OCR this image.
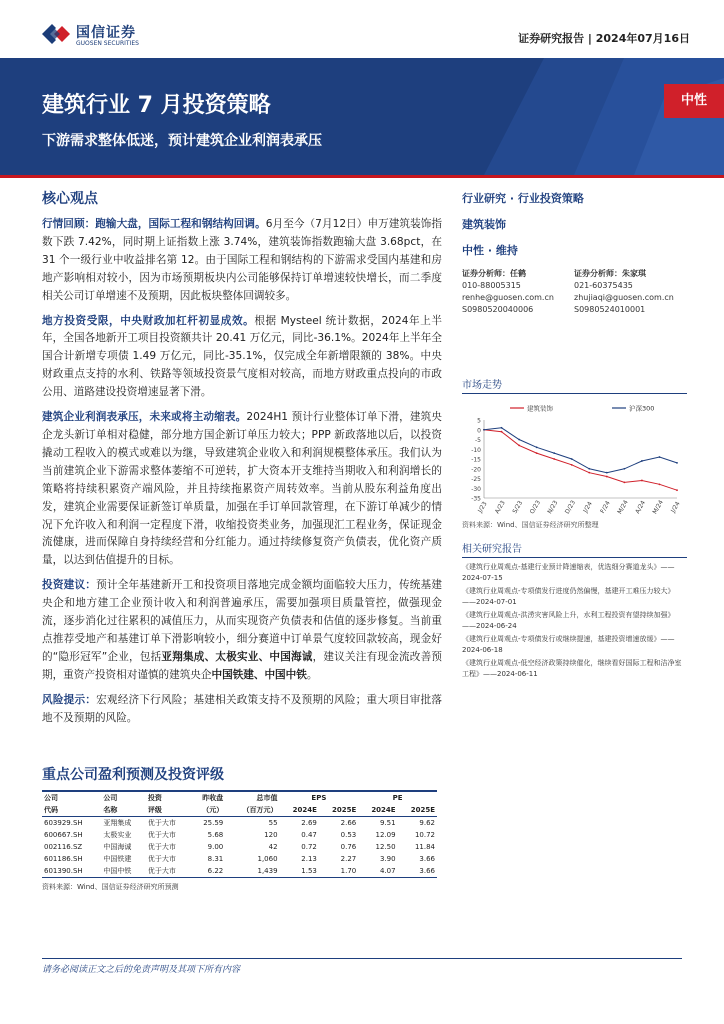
国信证券
GUOSEN SECURITIES	证券研究报告 | 2024年07月16日
建筑行业 7 月投资策略
下游需求整体低迷，预计建筑企业利润表承压
中性
核心观点

行情回顾：跑输大盘，国际工程和钢结构回调。6月至今（7月12日）申万建筑装饰指数下跌 7.42%，同时期上证指数上涨 3.74%，建筑装饰指数跑输大盘 3.68pct，在 31 个一级行业中收益排名第 12。由于国际工程和钢结构的下游需求受国内基建和房地产影响相对较小，因为市场预期板块内公司能够保持订单增速较快增长，而二季度相关公司订单增速不及预期，因此板块整体回调较多。

地方投资受限，中央财政加杠杆初显成效。根据 Mysteel 统计数据，2024年上半年，全国各地新开工项目投资额共计 20.41 万亿元，同比-36.1%。2024年上半年全国合计新增专项债 1.49 万亿元，同比-35.1%，仅完成全年新增限额的 38%。中央财政重点支持的水利、铁路等领域投资景气度相对较高，而地方财政重点投向的市政公用、道路建设投资增速显著下滑。

建筑企业利润表承压，未来或将主动缩表。2024H1 预计行业整体订单下滑，建筑央企龙头新订单相对稳健，部分地方国企新订单压力较大；PPP 新政落地以后，以投资撬动工程收入的模式或难以为继，导致建筑企业收入和利润规模整体承压。我们认为当前建筑企业下游需求整体萎缩不可逆转，扩大资本开支维持当期收入和利润增长的策略将持续积累资产端风险，并且持续拖累资产周转效率。当前从股东利益角度出发，建筑企业需要保证新签订单质量，加强在手订单回款管理，在下游订单减少的情况下允许收入和利润一定程度下滑，收缩投资类业务，加强现汇工程业务，保证现金流健康，进而保障自身持续经营和分红能力。通过持续修复资产负债表，优化资产质量，以达到估值提升的目标。

投资建议：预计全年基建新开工和投资项目落地完成金额均面临较大压力，传统基建央企和地方建工企业预计收入和利润普遍承压，需要加强项目质量管控，做强现金流，逐步消化过往累积的减值压力，从而实现资产负债表和估值的逐步修复。当前重点推荐受地产和基建订单下滑影响较小，细分赛道中订单景气度较回款较高，现金好的“隐形冠军”企业，包括亚翔集成、太极实业、中国海诚，建议关注有现金流改善预期，重资产投资相对谨慎的建筑央企中国铁建、中国中铁。

风险提示：宏观经济下行风险；基建相关政策支持不及预期的风险；重大项目审批落地不及预期的风险。

行业研究 · 行业投资策略
建筑装饰
中性 · 维持
证券分析师：任鹤
010-88005315
renhe@guosen.com.cn
S0980520040006
证券分析师：朱家琪
021-60375435
zhujiaqi@guosen.com.cn
S0980524010001
市场走势
5
0
-5
-10
-15
-20
-25
-30
-35
J/23 A/23 S/23 O/23 N/23 D/23 J/24 F/24 M/24 A/24 M/24 J/24
建筑装饰	沪深300
资料来源：Wind、国信证券经济研究所整理
相关研究报告
《建筑行业周观点-基建行业预计降速缩表，优选细分赛道龙头》——2024-07-15
《建筑行业周观点-专项债发行进度仍然偏慢，基建开工难压力较大》——2024-07-01
《建筑行业周观点-洪涝灾害风险上升，水利工程投资有望持续加强》——2024-06-24
《建筑行业周观点-专项债发行或继续提速，基建投资增速放缓》——2024-06-18
《建筑行业周观点-低空经济政策持续催化，继续看好国际工程和洁净室工程》——2024-06-11
重点公司盈利预测及投资评级
公司	公司	投资	昨收盘	总市值	EPS		PE	
代码	名称	评级	（元）	（百万元）	2024E	2025E	2024E	2025E
603929.SH	亚翔集成	优于大市	25.59	55	2.69	2.66	9.51	9.62
600667.SH	太极实业	优于大市	5.68	120	0.47	0.53	12.09	10.72
002116.SZ	中国海诚	优于大市	9.00	42	0.72	0.76	12.50	11.84
601186.SH	中国铁建	优于大市	8.31	1,060	2.13	2.27	3.90	3.66
601390.SH	中国中铁	优于大市	6.22	1,439	1.53	1.70	4.07	3.66
资料来源：Wind、国信证券经济研究所预测
请务必阅读正文之后的免责声明及其项下所有内容
